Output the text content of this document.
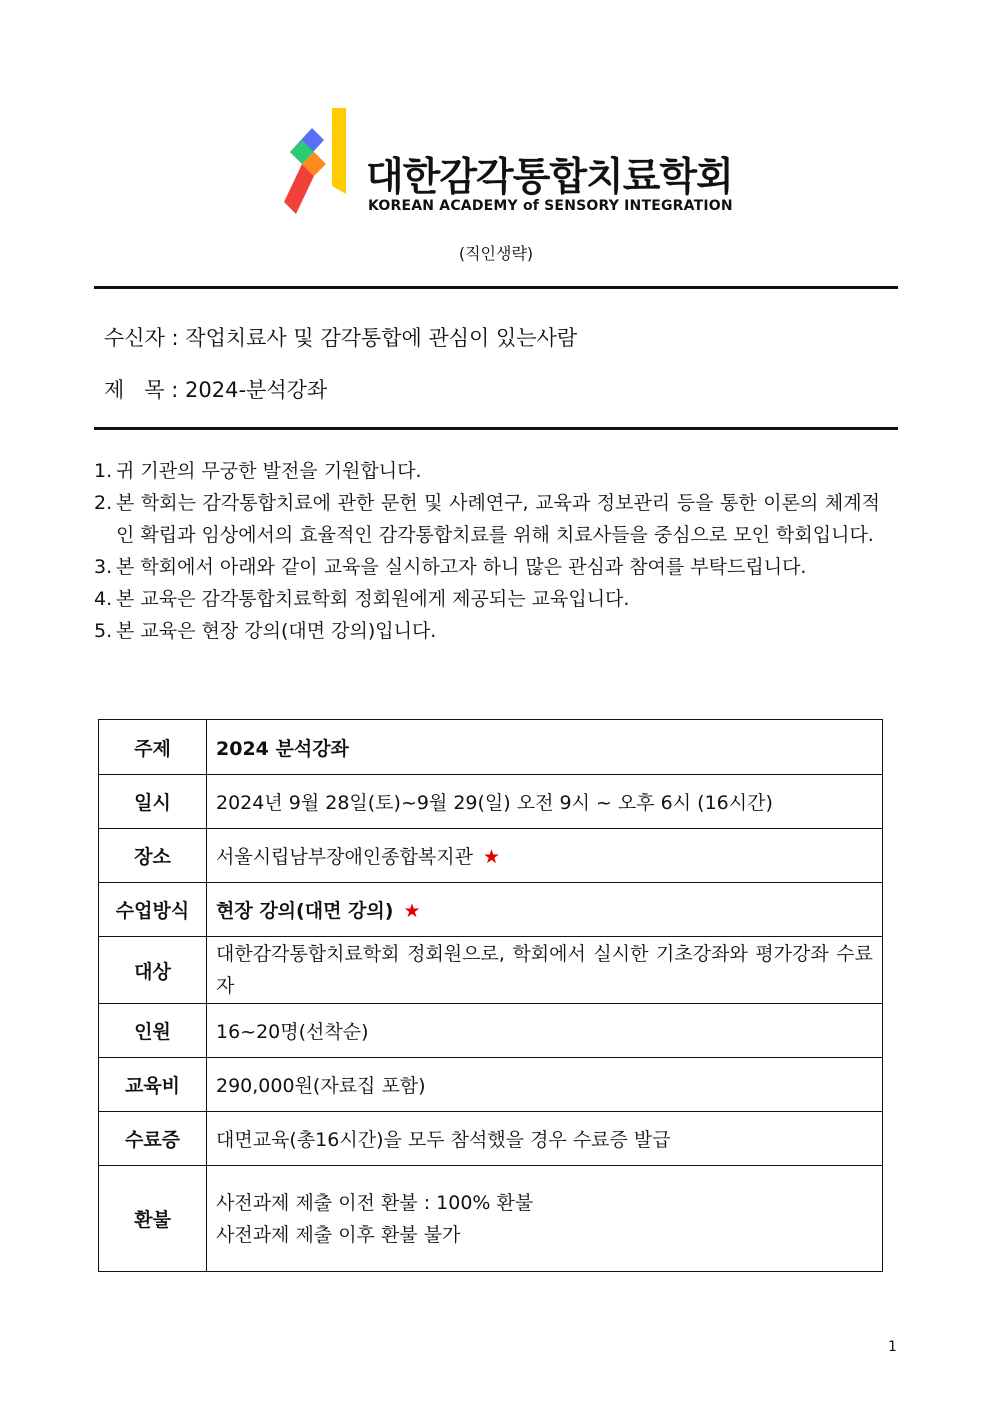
대한감각통합치료학회
KOREAN ACADEMY of SENSORY INTEGRATION
(직인생략)
수신자 : 작업치료사 및 감각통합에 관심이 있는사람
제   목 : 2024-분석강좌
1. 귀 기관의 무궁한 발전을 기원합니다.
2. 본 학회는 감각통합치료에 관한 문헌 및 사례연구, 교육과 정보관리 등을 통한 이론의 체계적인 확립과 임상에서의 효율적인 감각통합치료를 위해 치료사들을 중심으로 모인 학회입니다.
3. 본 학회에서 아래와 같이 교육을 실시하고자 하니 많은 관심과 참여를 부탁드립니다.
4. 본 교육은 감각통합치료학회 정회원에게 제공되는 교육입니다.
5. 본 교육은 현장 강의(대면 강의)입니다.
주제	2024 분석강좌
일시	2024년 9월 28일(토)~9월 29(일) 오전 9시 ~ 오후 6시 (16시간)
장소	서울시립남부장애인종합복지관 ★
수업방식	현장 강의(대면 강의) ★
대상	대한감각통합치료학회 정회원으로, 학회에서 실시한 기초강좌와 평가강좌 수료자
인원	16~20명(선착순)
교육비	290,000원(자료집 포함)
수료증	대면교육(총16시간)을 모두 참석했을 경우 수료증 발급
환불	사전과제 제출 이전 환불 : 100% 환불
사전과제 제출 이후 환불 불가
1
